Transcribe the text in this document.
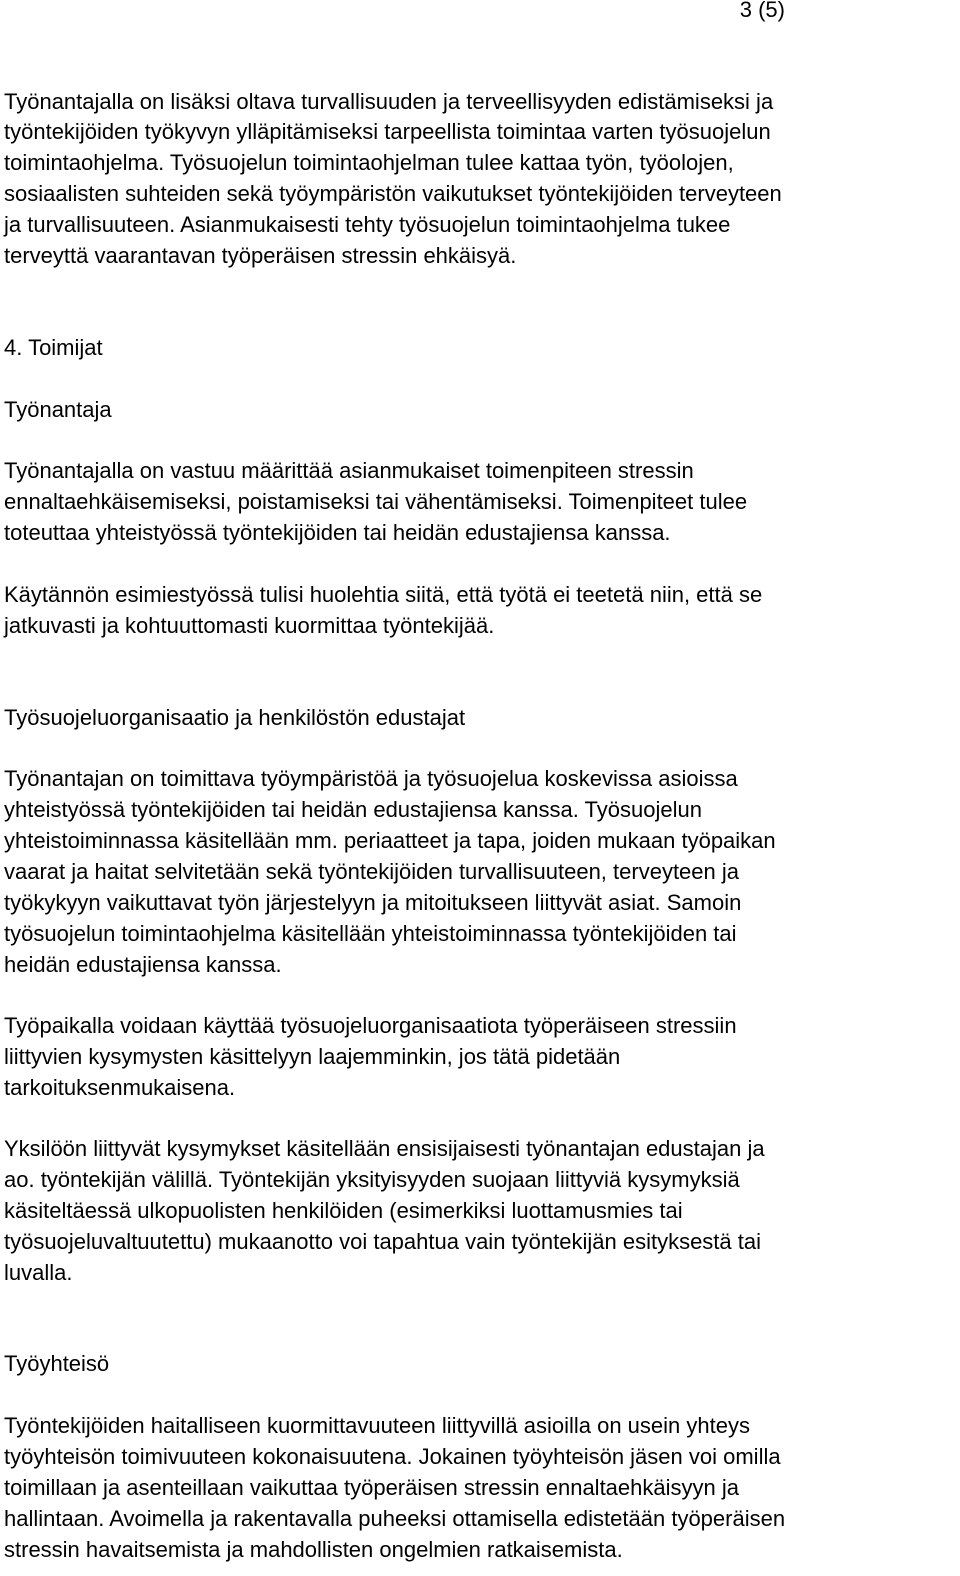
3 (5)
Työnantajalla on lisäksi oltava turvallisuuden ja terveellisyyden edistämiseksi ja
työntekijöiden työkyvyn ylläpitämiseksi tarpeellista toimintaa varten työsuojelun
toimintaohjelma. Työsuojelun toimintaohjelman tulee kattaa työn, työolojen,
sosiaalisten suhteiden sekä työympäristön vaikutukset työntekijöiden terveyteen
ja turvallisuuteen. Asianmukaisesti tehty työsuojelun toimintaohjelma tukee
terveyttä vaarantavan työperäisen stressin ehkäisyä.
4. Toimijat
Työnantaja
Työnantajalla on vastuu määrittää asianmukaiset toimenpiteen stressin
ennaltaehkäisemiseksi, poistamiseksi tai vähentämiseksi. Toimenpiteet tulee
toteuttaa yhteistyössä työntekijöiden tai heidän edustajiensa kanssa.
Käytännön esimiestyössä tulisi huolehtia siitä, että työtä ei teetetä niin, että se
jatkuvasti ja kohtuuttomasti kuormittaa työntekijää.
Työsuojeluorganisaatio ja henkilöstön edustajat
Työnantajan on toimittava työympäristöä ja työsuojelua koskevissa asioissa
yhteistyössä työntekijöiden tai heidän edustajiensa kanssa. Työsuojelun
yhteistoiminnassa käsitellään mm. periaatteet ja tapa, joiden mukaan työpaikan
vaarat ja haitat selvitetään sekä työntekijöiden turvallisuuteen, terveyteen ja
työkykyyn vaikuttavat työn järjestelyyn ja mitoitukseen liittyvät asiat. Samoin
työsuojelun toimintaohjelma käsitellään yhteistoiminnassa työntekijöiden tai
heidän edustajiensa kanssa.
Työpaikalla voidaan käyttää työsuojeluorganisaatiota työperäiseen stressiin
liittyvien kysymysten käsittelyyn laajemminkin, jos tätä pidetään
tarkoituksenmukaisena.
Yksilöön liittyvät kysymykset käsitellään ensisijaisesti työnantajan edustajan ja
ao. työntekijän välillä. Työntekijän yksityisyyden suojaan liittyviä kysymyksiä
käsiteltäessä ulkopuolisten henkilöiden (esimerkiksi luottamusmies tai
työsuojeluvaltuutettu) mukaanotto voi tapahtua vain työntekijän esityksestä tai
luvalla.
Työyhteisö
Työntekijöiden haitalliseen kuormittavuuteen liittyvillä asioilla on usein yhteys
työyhteisön toimivuuteen kokonaisuutena. Jokainen työyhteisön jäsen voi omilla
toimillaan ja asenteillaan vaikuttaa työperäisen stressin ennaltaehkäisyyn ja
hallintaan. Avoimella ja rakentavalla puheeksi ottamisella edistetään työperäisen
stressin havaitsemista ja mahdollisten ongelmien ratkaisemista.
